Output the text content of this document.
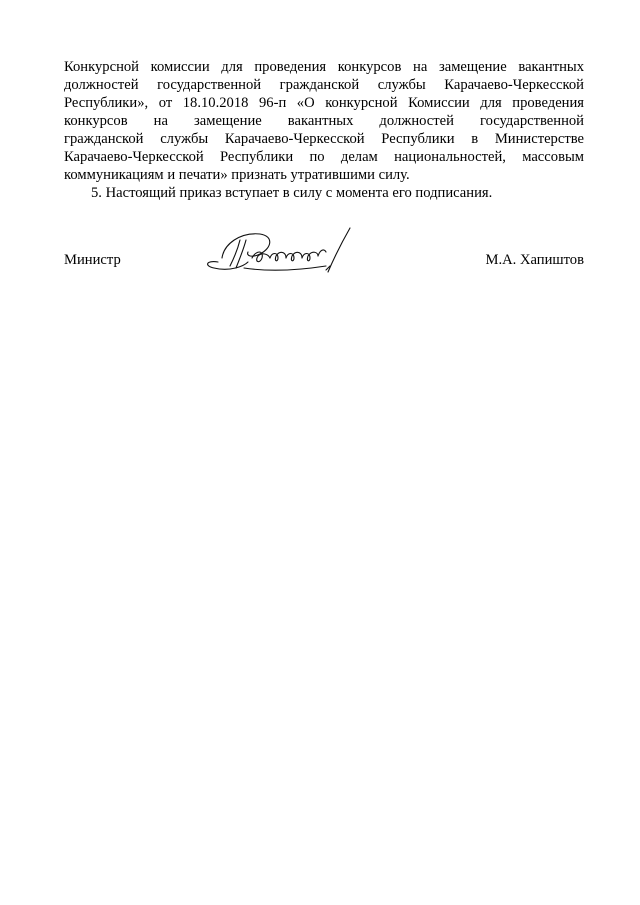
Конкурсной комиссии для проведения конкурсов на замещение вакантных
должностей государственной гражданской службы Карачаево-Черкесской
Республики», от 18.10.2018 96-п «О конкурсной Комиссии для проведения
конкурсов на замещение вакантных должностей государственной
гражданской службы Карачаево-Черкесской Республики в Министерстве
Карачаево-Черкесской Республики по делам национальностей, массовым
коммуникациям и печати» признать утратившими силу.
5. Настоящий приказ вступает в силу с момента его подписания.
Министр	М.А. Хапиштов
